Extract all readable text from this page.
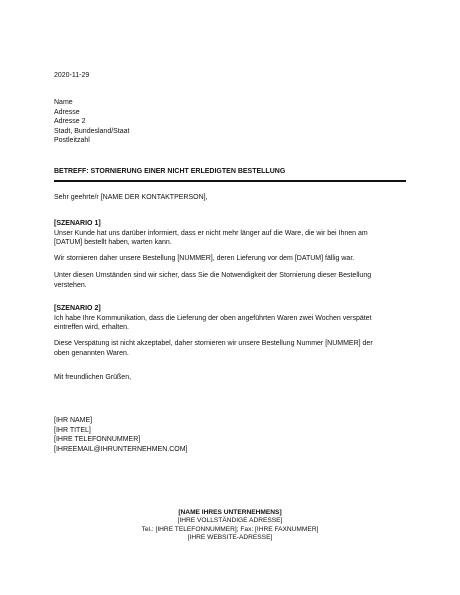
2020-11-29
Name
Adresse
Adresse 2
Stadt, Bundesland/Staat
Postleitzahl
BETREFF: STORNIERUNG EINER NICHT ERLEDIGTEN BESTELLUNG
Sehr geehrte/r [NAME DER KONTAKTPERSON],
[SZENARIO 1]
Unser Kunde hat uns darüber informiert, dass er nicht mehr länger auf die Ware, die wir bei Ihnen am
[DATUM] bestellt haben, warten kann.
Wir stornieren daher unsere Bestellung [NUMMER], deren Lieferung vor dem [DATUM] fällig war.
Unter diesen Umständen sind wir sicher, dass Sie die Notwendigkeit der Stornierung dieser Bestellung
verstehen.
[SZENARIO 2]
Ich habe Ihre Kommunikation, dass die Lieferung der oben angeführten Waren zwei Wochen verspätet
eintreffen wird, erhalten.
Diese Verspätung ist nicht akzeptabel, daher stornieren wir unsere Bestellung Nummer [NUMMER] der
oben genannten Waren.
Mit freundlichen Grüßen,
[IHR NAME]
[IHR TITEL]
[IHRE TELEFONNUMMER]
[IHREEMAIL@IHRUNTERNEHMEN.COM]
[NAME IHRES UNTERNEHMENS]
[IHRE VOLLSTÄNDIGE ADRESSE]
Tel.: [IHRE TELEFONNUMMER]; Fax: [IHRE FAXNUMMER]
[IHRE WEBSITE-ADRESSE]
